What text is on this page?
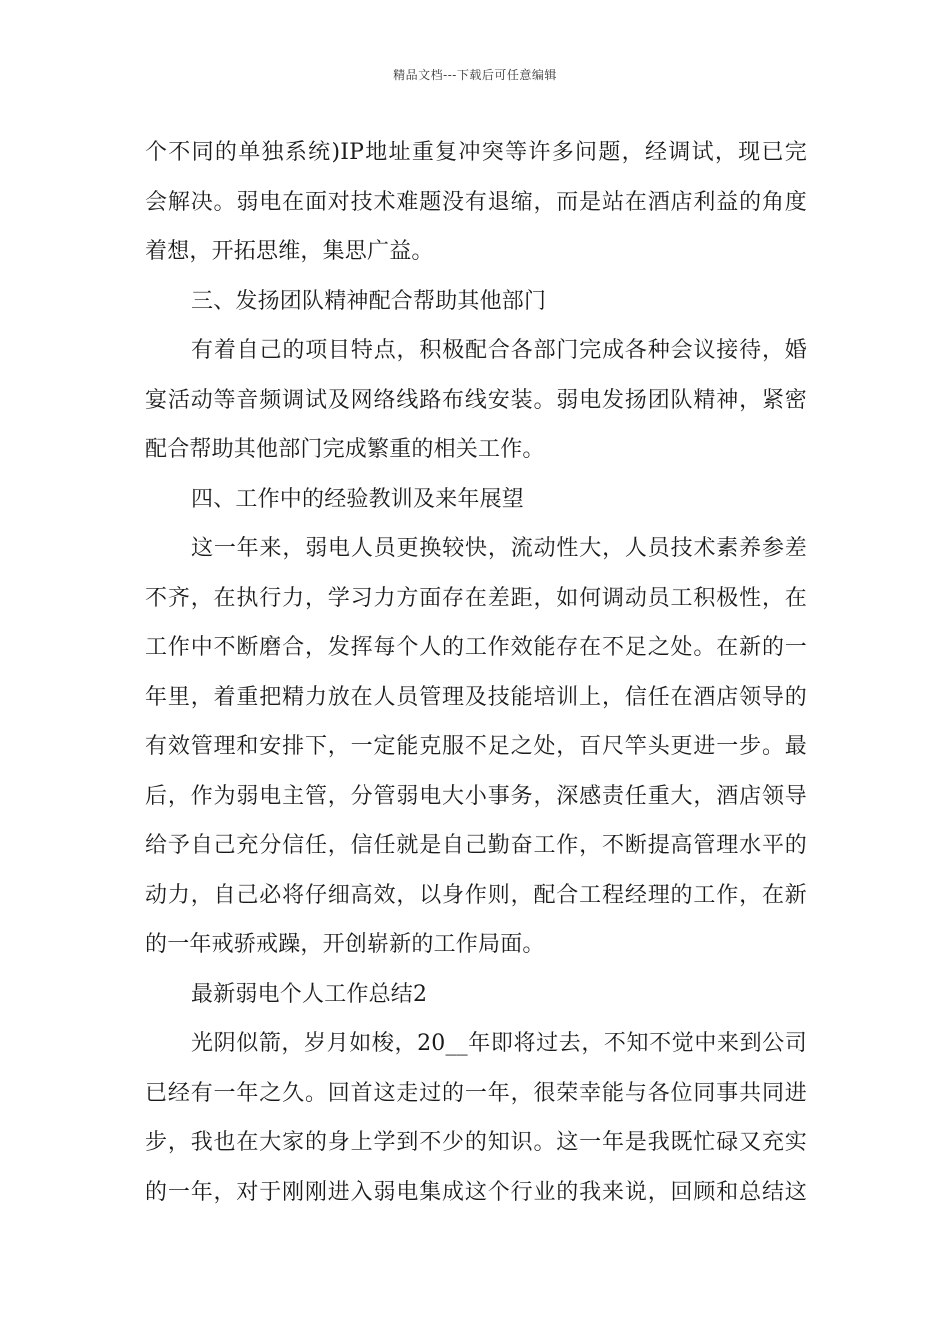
精品文档---下载后可任意编辑
个不同的单独系统)IP地址重复冲突等许多问题，经调试，现已完
会解决。弱电在面对技术难题没有退缩，而是站在酒店利益的角度
着想，开拓思维，集思广益。
三、发扬团队精神配合帮助其他部门
有着自己的项目特点，积极配合各部门完成各种会议接待，婚
宴活动等音频调试及网络线路布线安装。弱电发扬团队精神，紧密
配合帮助其他部门完成繁重的相关工作。
四、工作中的经验教训及来年展望
这一年来，弱电人员更换较快，流动性大，人员技术素养参差
不齐，在执行力，学习力方面存在差距，如何调动员工积极性，在
工作中不断磨合，发挥每个人的工作效能存在不足之处。在新的一
年里，着重把精力放在人员管理及技能培训上，信任在酒店领导的
有效管理和安排下，一定能克服不足之处，百尺竿头更进一步。最
后，作为弱电主管，分管弱电大小事务，深感责任重大，酒店领导
给予自己充分信任，信任就是自己勤奋工作，不断提高管理水平的
动力，自己必将仔细高效，以身作则，配合工程经理的工作，在新
的一年戒骄戒躁，开创崭新的工作局面。
最新弱电个人工作总结2
光阴似箭，岁月如梭，20__年即将过去，不知不觉中来到公司
已经有一年之久。回首这走过的一年，很荣幸能与各位同事共同进
步，我也在大家的身上学到不少的知识。这一年是我既忙碌又充实
的一年，对于刚刚进入弱电集成这个行业的我来说，回顾和总结这
